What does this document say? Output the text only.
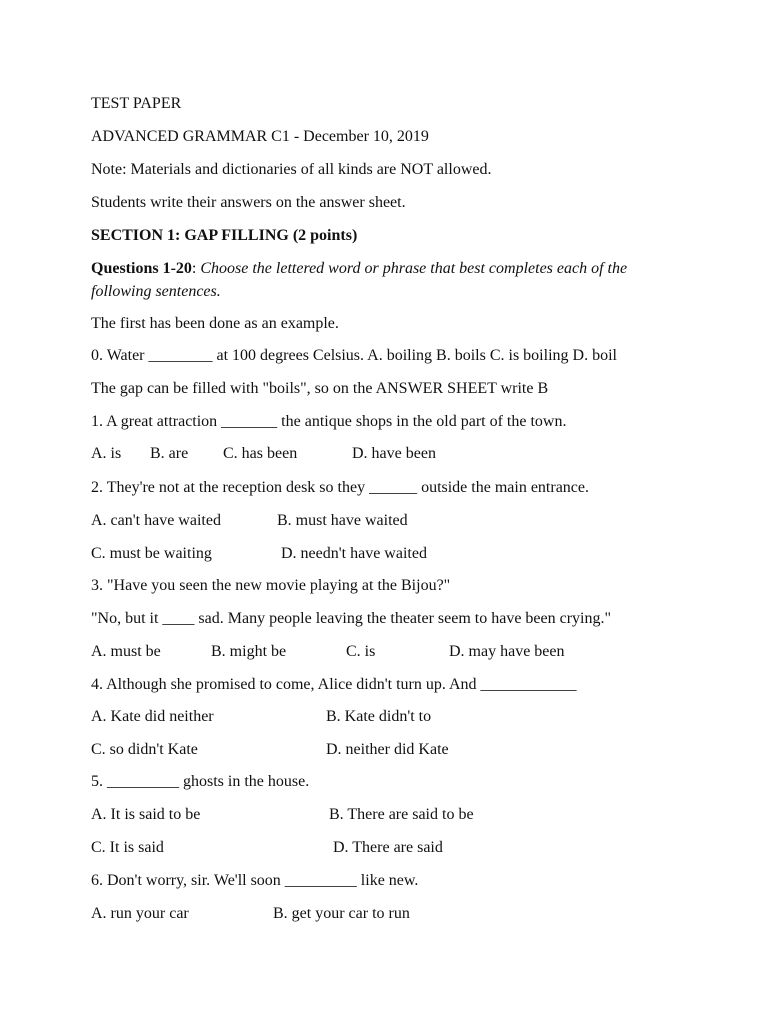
TEST PAPER
ADVANCED GRAMMAR C1 - December 10, 2019
Note: Materials and dictionaries of all kinds are NOT allowed.
Students write their answers on the answer sheet.
SECTION 1: GAP FILLING (2 points)
Questions 1-20: Choose the lettered word or phrase that best completes each of the following sentences.
The first has been done as an example.
0. Water ________ at 100 degrees Celsius. A. boiling B. boils C. is boiling D. boil
The gap can be filled with "boils", so on the ANSWER SHEET write B
1. A great attraction _______ the antique shops in the old part of the town.
A. is B. are C. has been	D. have been
2. They're not at the reception desk so they ______ outside the main entrance.
A. can't have waited	B. must have waited
C. must be waiting	D. needn't have waited
3. "Have you seen the new movie playing at the Bijou?"
"No, but it ____ sad. Many people leaving the theater seem to have been crying."
A. must be	B. might be	C. is	D. may have been
4. Although she promised to come, Alice didn't turn up. And ____________
A. Kate did neither	B. Kate didn't to
C. so didn't Kate	D. neither did Kate
5. _________ ghosts in the house.
A. It is said to be	B. There are said to be
C. It is said	D. There are said
6. Don't worry, sir. We'll soon _________ like new.
A. run your car	B. get your car to run
